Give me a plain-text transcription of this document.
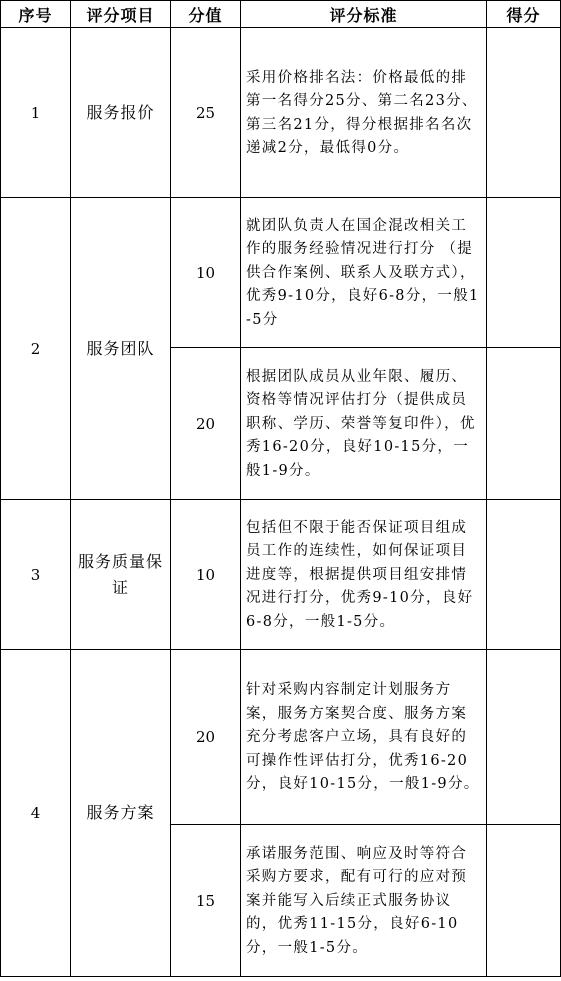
序号	评分项目	分值	评分标准	得分
1	服务报价	25	采用价格排名法：价格最低的排第一名得分25分、第二名23分、第三名21分，得分根据排名名次递减2分，最低得0分。	
2	服务团队	10	就团队负责人在国企混改相关工作的服务经验情况进行打分 （提供合作案例、联系人及联方式），优秀9-10分，良好6-8分，一般1-5分	
		20	根据团队成员从业年限、履历、资格等情况评估打分（提供成员职称、学历、荣誉等复印件），优秀16-20分，良好10-15分，一般1-9分。	
3	服务质量保证	10	包括但不限于能否保证项目组成员工作的连续性，如何保证项目进度等，根据提供项目组安排情况进行打分，优秀9-10分，良好6-8分，一般1-5分。	
4	服务方案	20	针对采购内容制定计划服务方案，服务方案契合度、服务方案充分考虑客户立场，具有良好的可操作性评估打分，优秀16-20分，良好10-15分，一般1-9分。	
		15	承诺服务范围、响应及时等符合采购方要求，配有可行的应对预案并能写入后续正式服务协议的，优秀11-15分，良好6-10分，一般1-5分。	
